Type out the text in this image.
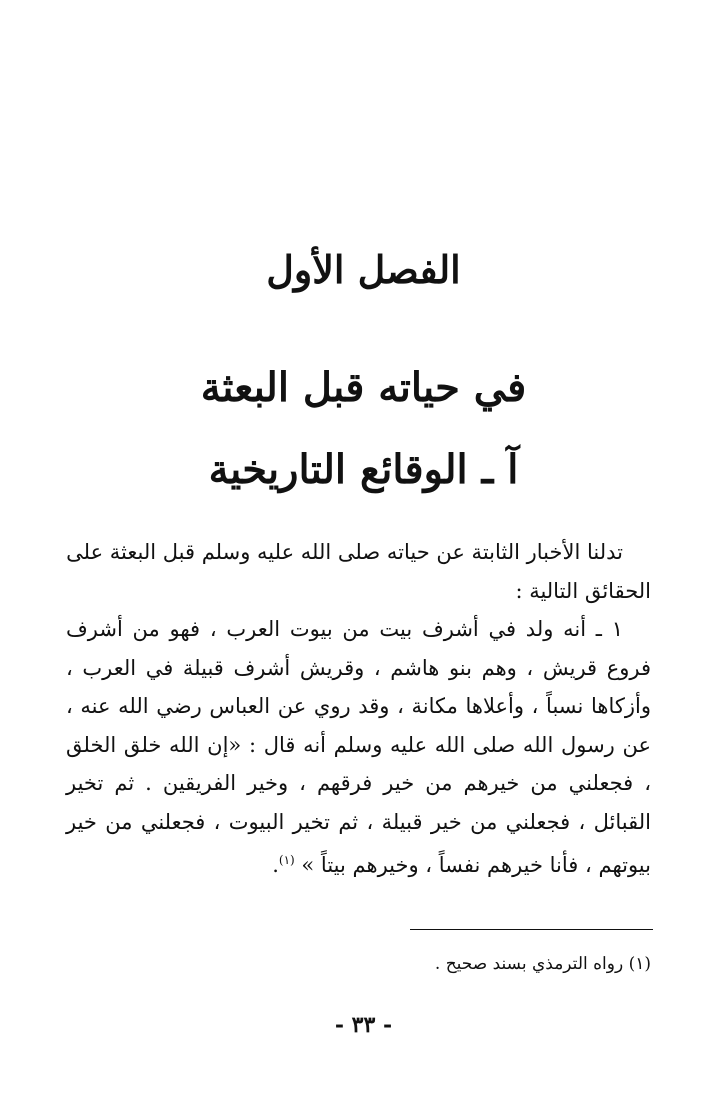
الفصل الأول
في حياته قبل البعثة
آ ـ الوقائع التاريخية

تدلنا الأخبار الثابتة عن حياته صلى الله عليه وسلم قبل البعثة على
الحقائق التالية :

١ ـ أنه ولد في أشرف بيت من بيوت العرب ، فهو من أشرف فروع قريش ، وهم بنو هاشم ، وقريش أشرف قبيلة في العرب ، وأزكاها نسباً ، وأعلاها مكانة ، وقد روي عن العباس رضي الله عنه ، عن رسول الله صلى الله عليه وسلم أنه قال : «إن الله خلق الخلق ، فجعلني من خيرهم من خير فرقهم ، وخير الفريقين . ثم تخير القبائل ، فجعلني من خير قبيلة ، ثم تخير البيوت ، فجعلني من خير بيوتهم ، فأنا خيرهم نفساً ، وخيرهم بيتاً » $^{(١)}$.

(١) رواه الترمذي بسند صحيح .
- ٣٣ -
